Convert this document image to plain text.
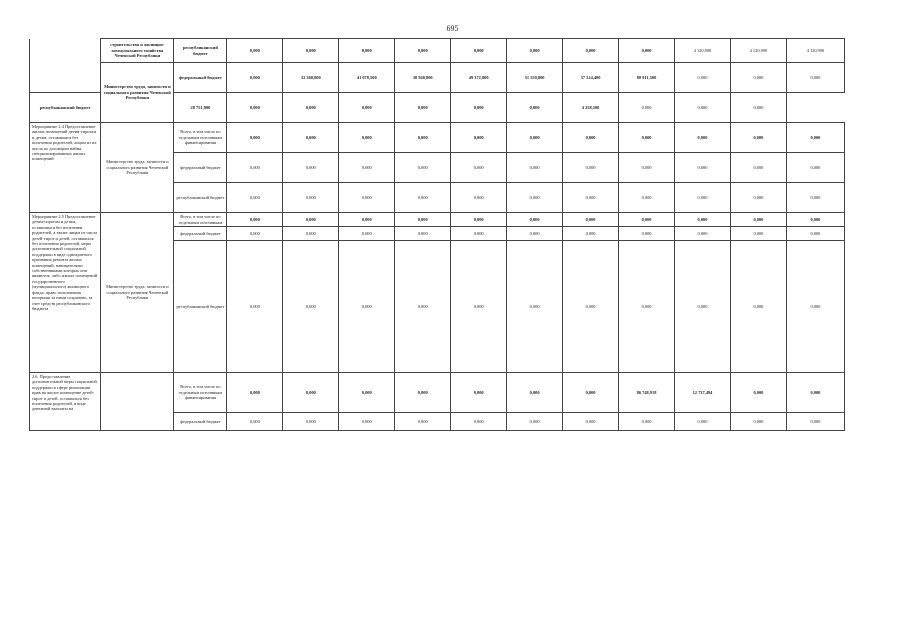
695
	строительства и жилищно-коммунального хозяйства Чеченской Республики	республиканский бюджет	0,000	0,000	0,000	0,000	0,000	0,000	0,000	0,000	4 120,900	4 120,900	4 120,900
	Министерство труда, занятости и социального развития Чеченской Республики	федеральный бюджет	0,000	32 260,800	41 078,500	38 940,800	49 372,800	51 550,800	57 524,400	80 911,500	0,000	0,000	0,000
республиканский бюджет		28 751,900	0,000	0,000	0,000	0,000	0,000	0,000	4 258,500	0,000	0,000	0,000	
Мероприятие 2.4 Предоставление жилых помещений детям-сиротам и детям, оставшимся без попечения родителей, лицам из их числа по договорам найма специализированных жилых помещений	Министерство труда, занятости и социального развития Чеченской Республики	Всего, в том числе по отдельным источникам финансирования	0,000	0,000	0,000	0,000	0,000	0,000	0,000	0,000	0,000	0,000	0,000
		федеральный бюджет	0,000	0,000	0,000	0,000	0,000	0,000	0,000	0,000	0,000	0,000	0,000
		республиканский бюджет	0,000	0,000	0,000	0,000	0,000	0,000	0,000	0,000	0,000	0,000	0,000
Мероприятие 2.5 Предоставление детям-сиротам и детям, оставшимся без попечения родителей, а также лицам из числа детей-сирот и детей, оставшихся без попечения родителей, меры дополнительной социальной поддержки в виде однократного признания ремонта жилых помещений, нанимателями собственниками которых они являются, либо жилых помещений государственного (муниципального) жилищного фонда, право пользования которыми за ними сохранено, за счет средств республиканского бюджета	Министерство труда, занятости и социального развития Чеченской Республики	Всего, в том числе по отдельным источникам	0,000	0,000	0,000	0,000	0,000	0,000	0,000	0,000	0,000	0,000	0,000
		федеральный бюджет	0,000	0,000	0,000	0,000	0,000	0,000	0,000	0,000	0,000	0,000	0,000
		республиканский бюджет	0,000	0,000	0,000	0,000	0,000	0,000	0,000	0,000	0,000	0,000	0,000
2.6. Предоставление дополнительной меры социальной поддержки в сфере реализации прав на жилое помещение детей-сирот и детей, оставшихся без попечения родителей, в виде денежной выплаты на		Всего, в том числе по отдельным источникам финансирования	0,000	0,000	0,000	0,000	0,000	0,000	0,000	86 748,918	12 737,494	0,000	0,000
		федеральный бюджет	0,000	0,000	0,000	0,000	0,000	0,000	0,000	0,000	0,000	0,000	0,000
